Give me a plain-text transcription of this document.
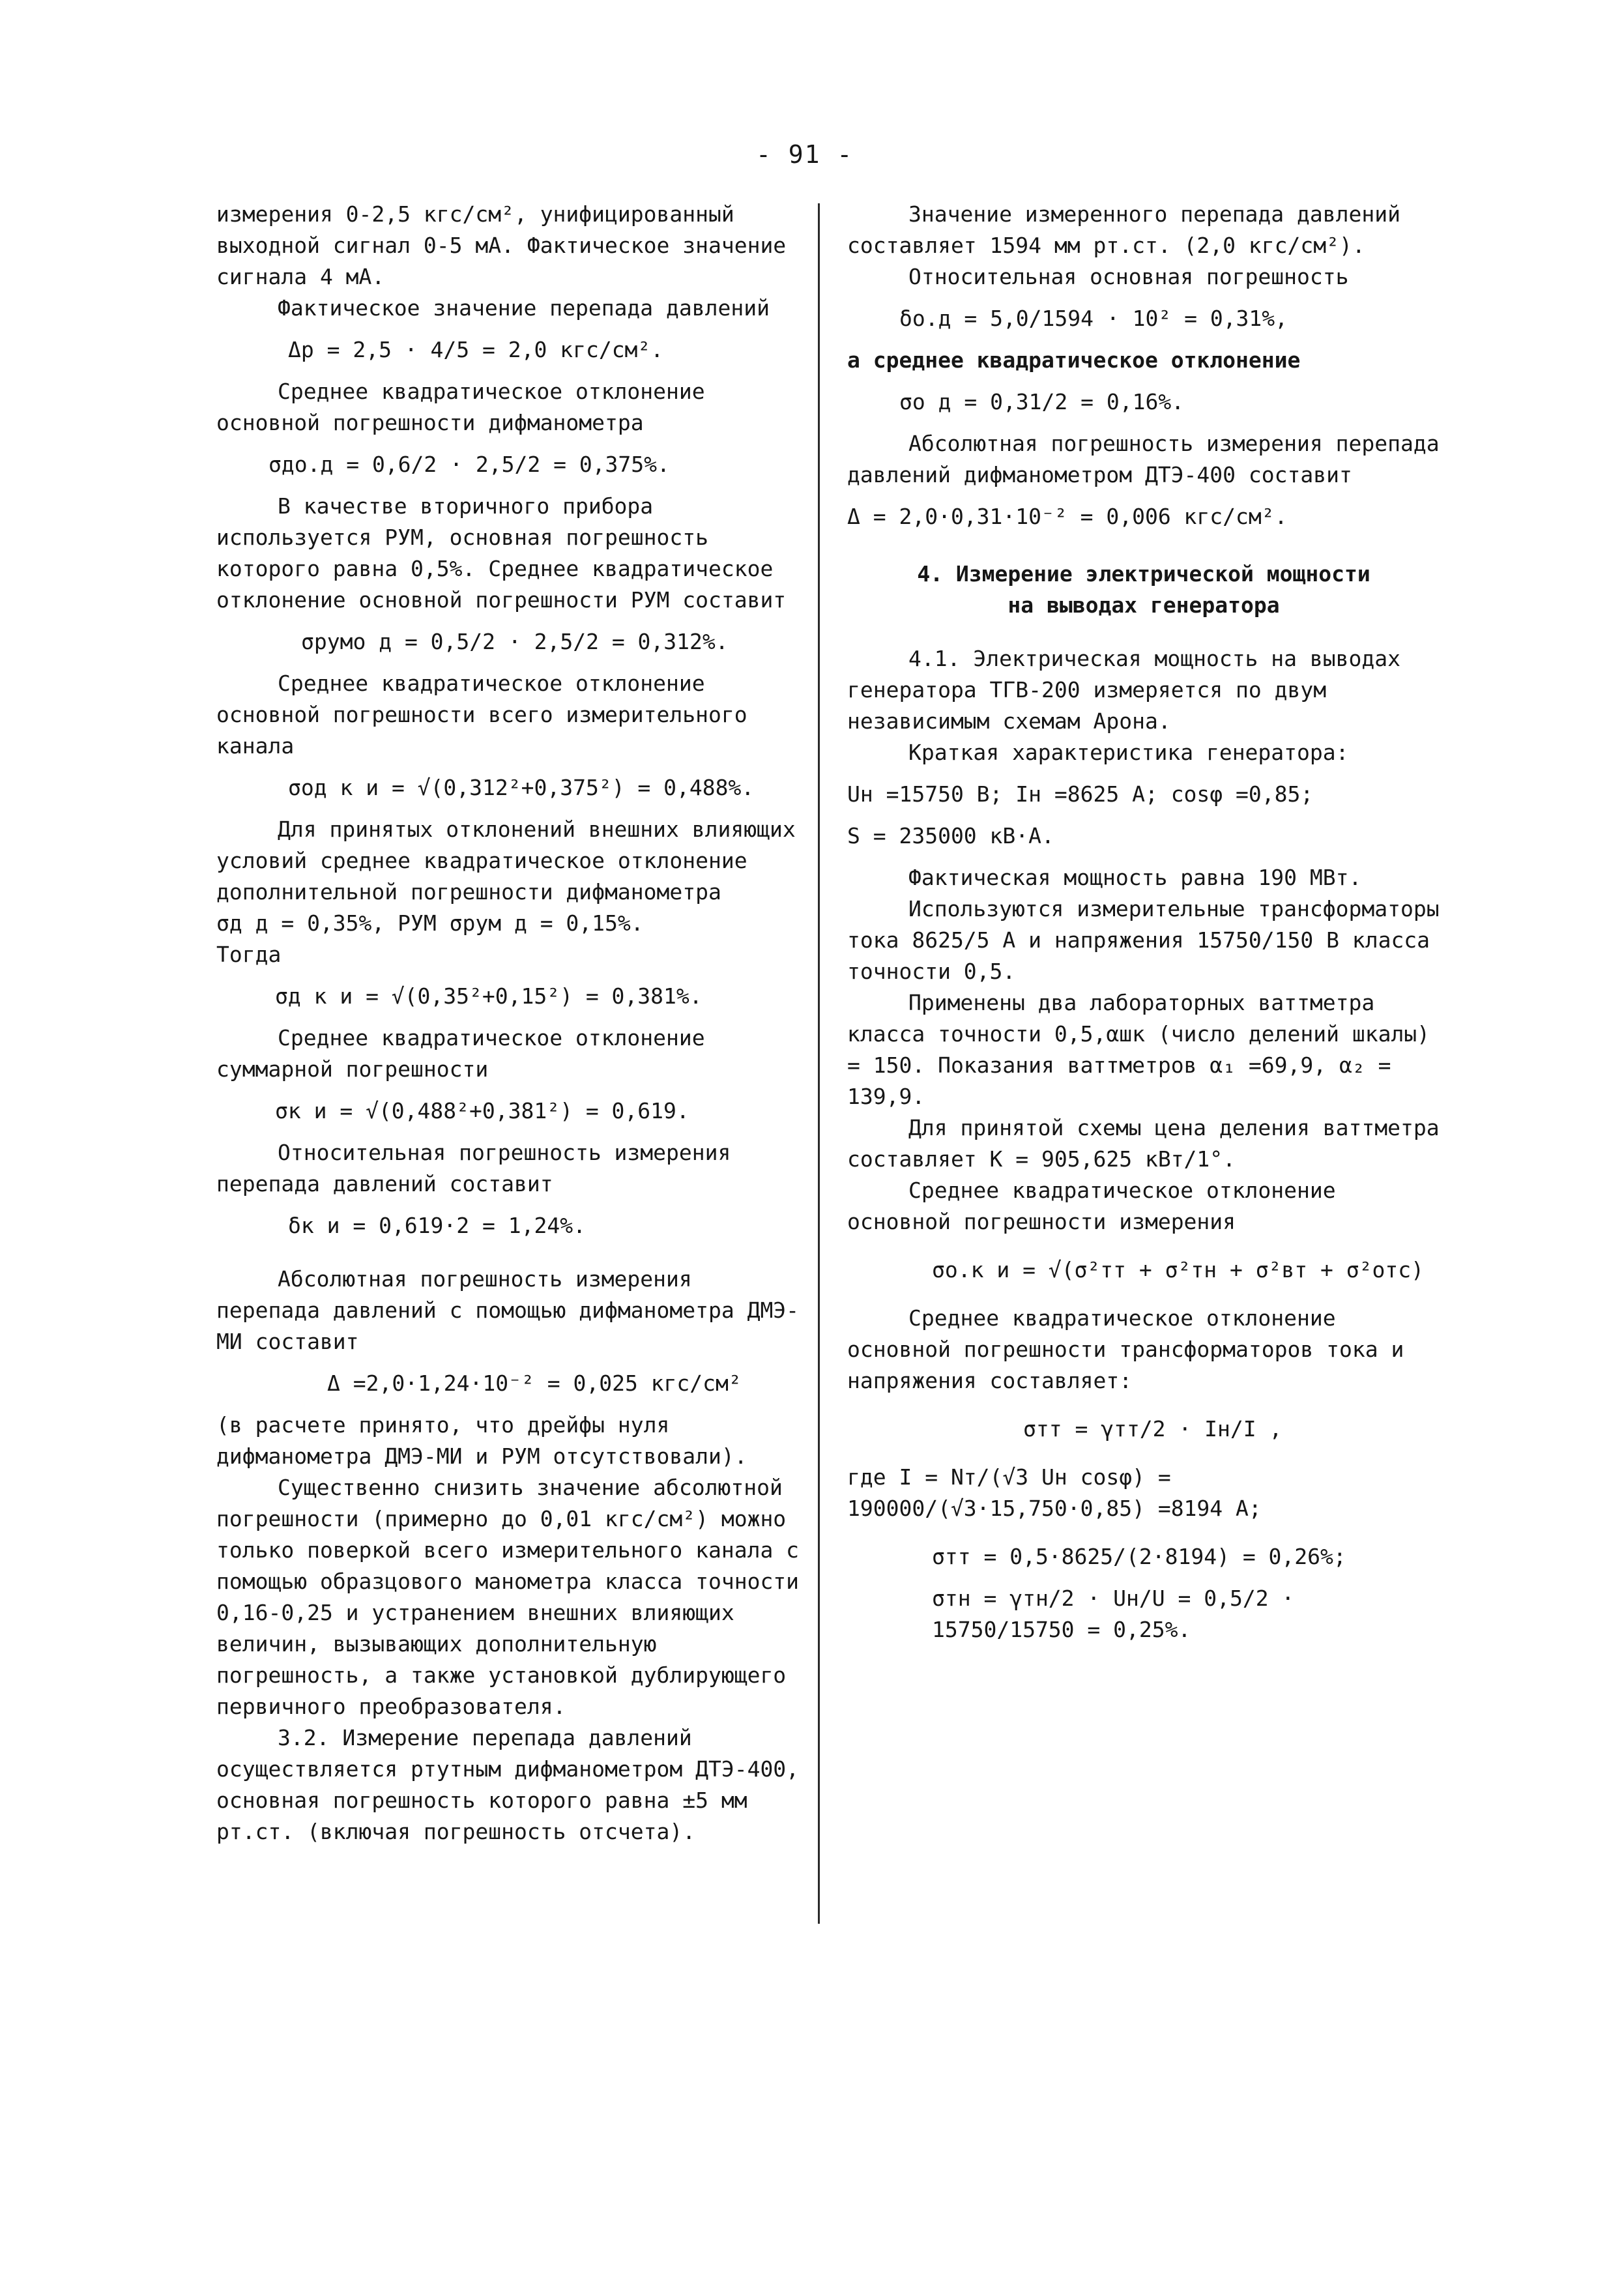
- 91 -

измерения 0-2,5 кгс/см², унифицированный выходной сигнал 0-5 мА. Фактическое значение сигнала 4 мА.

Фактическое значение перепада давлений

Δp = 2,5 · 4/5 = 2,0 кгс/см².

Среднее квадратическое отклонение основной погрешности дифманометра

σдо.д = 0,6/2 · 2,5/2 = 0,375%.

В качестве вторичного прибора используется РУМ, основная погрешность которого равна 0,5%. Среднее квадратическое отклонение основной погрешности РУМ составит

σрумо д = 0,5/2 · 2,5/2 = 0,312%.

Среднее квадратическое отклонение основной погрешности всего измерительного канала

σод к и = √(0,312²+0,375²) = 0,488%.

Для принятых отклонений внешних влияющих условий среднее квадратическое отклонение дополнительной погрешности дифманометра

σд д = 0,35%, РУМ σрум д = 0,15%.

Тогда

σд к и = √(0,35²+0,15²) = 0,381%.

Среднее квадратическое отклонение суммарной погрешности

σк и = √(0,488²+0,381²) = 0,619.

Относительная погрешность измерения перепада давлений составит

δк и = 0,619·2 = 1,24%.

Абсолютная погрешность измерения перепада давлений с помощью дифманометра ДМЭ-МИ составит

Δ =2,0·1,24·10⁻² = 0,025 кгс/см²

(в расчете принято, что дрейфы нуля дифманометра ДМЭ-МИ и РУМ отсутствовали).

Существенно снизить значение абсолютной погрешности (примерно до 0,01 кгс/см²) можно только поверкой всего измерительного канала с помощью образцового манометра класса точности 0,16-0,25 и устранением внешних влияющих величин, вызывающих дополнительную погрешность, а также установкой дублирующего первичного преобразователя.

3.2. Измерение перепада давлений осуществляется ртутным дифманометром ДТЭ-400, основная погрешность которого равна ±5 мм рт.ст. (включая погрешность отсчета).

Значение измеренного перепада давлений составляет 1594 мм рт.ст. (2,0 кгс/см²).

Относительная основная погрешность

δо.д = 5,0/1594 · 10² = 0,31%,

а среднее квадратическое отклонение

σо д = 0,31/2 = 0,16%.

Абсолютная погрешность измерения перепада давлений дифманометром ДТЭ-400 составит

Δ = 2,0·0,31·10⁻² = 0,006 кгс/см².

4. Измерение электрической мощности
на выводах генератора

4.1. Электрическая мощность на выводах генератора ТГВ-200 измеряется по двум независимым схемам Арона.

Краткая характеристика генератора:

Uн =15750 В; Iн =8625 А; cosφ =0,85;

S = 235000 кВ·А.

Фактическая мощность равна 190 МВт.

Используются измерительные трансформаторы тока 8625/5 А и напряжения 15750/150 В класса точности 0,5.

Применены два лабораторных ваттметра класса точности 0,5,αшк (число делений шкалы) = 150. Показания ваттметров α₁ =69,9, α₂ = 139,9.

Для принятой схемы цена деления ваттметра составляет K = 905,625 кВт/1°.

Среднее квадратическое отклонение основной погрешности измерения

σо.к и = √(σ²тт + σ²тн + σ²вт + σ²отс)

Среднее квадратическое отклонение основной погрешности трансформаторов тока и напряжения составляет:

σтт = γтт/2 · Iн/I ,

где I = Nт/(√3 Uн cosφ) = 190000/(√3·15,750·0,85) =8194 А;

σтт = 0,5·8625/(2·8194) = 0,26%;

σтн = γтн/2 · Uн/U = 0,5/2 · 15750/15750 = 0,25%.
